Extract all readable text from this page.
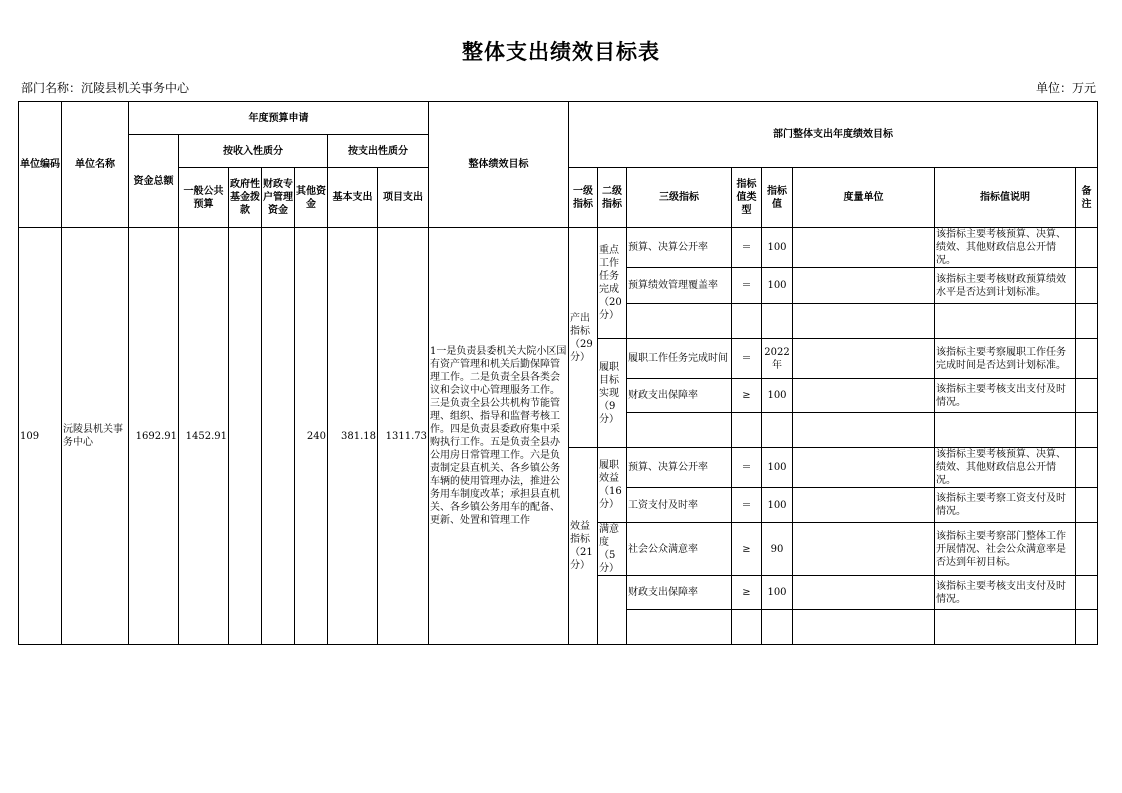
整体支出绩效目标表
部门名称：沉陵县机关事务中心	单位：万元
单位编码	单位名称	年度预算申请							整体绩效目标	部门整体支出年度绩效目标							
		资金总额	按收入性质分				按支出性质分										
			一般公共预算	政府性基金拨款	财政专户管理资金	其他资金	基本支出	项目支出		一级指标	二级指标	三级指标	指标值类型	指标值	度量单位	指标值说明	备注
109	沅陵县机关事务中心	1692.91	1452.91			240	381.18	1311.73	1一是负责县委机关大院小区国有资产管理和机关后勤保障管理工作。二是负责全县各类会议和会议中心管理服务工作。三是负责全县公共机构节能管理、组织、指导和监督考核工作。四是负责县委政府集中采购执行工作。五是负责全县办公用房日常管理工作。六是负责制定县直机关、各乡镇公务车辆的使用管理办法，推进公务用车制度改革；承担县直机关、各乡镇公务用车的配备、更新、处置和管理工作	产出指标（29分）	重点工作任务完成（20分）	预算、决算公开率	＝	100		该指标主要考核预算、决算、绩效、其他财政信息公开情况。	
												预算绩效管理覆盖率	＝	100		该指标主要考核财政预算绩效水平是否达到计划标准。	

											履职目标实现（9分）	履职工作任务完成时间	＝	2022年		该指标主要考察履职工作任务完成时间是否达到计划标准。	
												财政支出保障率	≥	100		该指标主要考核支出支付及时情况。	

										效益指标（21分）	履职效益（16分）	预算、决算公开率	＝	100		该指标主要考核预算、决算、绩效、其他财政信息公开情况。	
												工资支付及时率	＝	100		该指标主要考察工资支付及时情况。	
											满意度（5分）	社会公众满意率	≥	90		该指标主要考察部门整体工作开展情况、社会公众满意率是否达到年初目标。	
												财政支出保障率	≥	100		该指标主要考核支出支付及时情况。	
